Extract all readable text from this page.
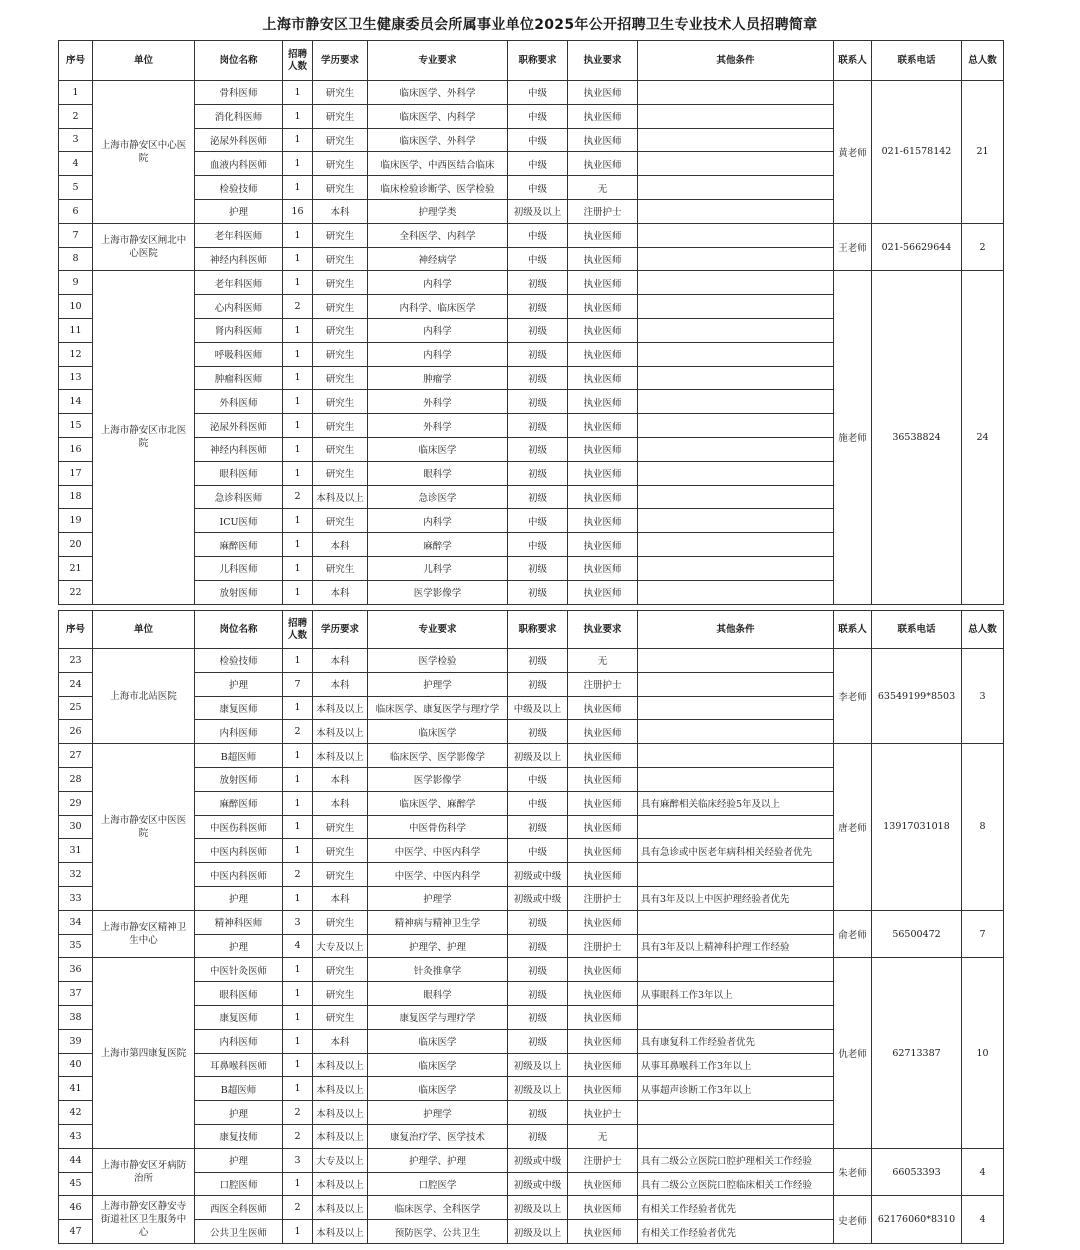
上海市静安区卫生健康委员会所属事业单位2025年公开招聘卫生专业技术人员招聘简章
序号	单位	岗位名称	招聘人数	学历要求	专业要求	职称要求	执业要求	其他条件	联系人	联系电话	总人数
1	上海市静安区中心医院	骨科医师	1	研究生	临床医学、外科学	中级	执业医师		黄老师	021-61578142	21
2		消化科医师	1	研究生	临床医学、内科学	中级	执业医师				
3		泌尿外科医师	1	研究生	临床医学、外科学	中级	执业医师				
4		血液内科医师	1	研究生	临床医学、中西医结合临床	中级	执业医师				
5		检验技师	1	研究生	临床检验诊断学、医学检验	中级	无				
6		护理	16	本科	护理学类	初级及以上	注册护士				
7	上海市静安区闸北中心医院	老年科医师	1	研究生	全科医学、内科学	中级	执业医师		王老师	021-56629644	2
8		神经内科医师	1	研究生	神经病学	中级	执业医师				
9	上海市静安区市北医院	老年科医师	1	研究生	内科学	初级	执业医师		施老师	36538824	24
10		心内科医师	2	研究生	内科学、临床医学	初级	执业医师				
11		肾内科医师	1	研究生	内科学	初级	执业医师				
12		呼吸科医师	1	研究生	内科学	初级	执业医师				
13		肿瘤科医师	1	研究生	肿瘤学	初级	执业医师				
14		外科医师	1	研究生	外科学	初级	执业医师				
15		泌尿外科医师	1	研究生	外科学	初级	执业医师				
16		神经内科医师	1	研究生	临床医学	初级	执业医师				
17		眼科医师	1	研究生	眼科学	初级	执业医师				
18		急诊科医师	2	本科及以上	急诊医学	初级	执业医师				
19		ICU医师	1	研究生	内科学	中级	执业医师				
20		麻醉医师	1	本科	麻醉学	中级	执业医师				
21		儿科医师	1	研究生	儿科学	初级	执业医师				
22		放射医师	1	本科	医学影像学	初级	执业医师				
序号	单位	岗位名称	招聘人数	学历要求	专业要求	职称要求	执业要求	其他条件	联系人	联系电话	总人数
23	上海市北站医院	检验技师	1	本科	医学检验	初级	无		李老师	63549199*8503	3
24		护理	7	本科	护理学	初级	注册护士				
25		康复医师	1	本科及以上	临床医学、康复医学与理疗学	中级及以上	执业医师				
26		内科医师	2	本科及以上	临床医学	初级	执业医师				
27	上海市静安区中医医院	B超医师	1	本科及以上	临床医学、医学影像学	初级及以上	执业医师		唐老师	13917031018	8
28		放射医师	1	本科	医学影像学	中级	执业医师				
29		麻醉医师	1	本科	临床医学、麻醉学	中级	执业医师	具有麻醉相关临床经验5年及以上			
30		中医伤科医师	1	研究生	中医骨伤科学	初级	执业医师				
31		中医内科医师	1	研究生	中医学、中医内科学	中级	执业医师	具有急诊或中医老年病科相关经验者优先			
32		中医内科医师	2	研究生	中医学、中医内科学	初级或中级	执业医师				
33		护理	1	本科	护理学	初级或中级	注册护士	具有3年及以上中医护理经验者优先			
34	上海市静安区精神卫生中心	精神科医师	3	研究生	精神病与精神卫生学	初级	执业医师		俞老师	56500472	7
35		护理	4	大专及以上	护理学、护理	初级	注册护士	具有3年及以上精神科护理工作经验			
36	上海市第四康复医院	中医针灸医师	1	研究生	针灸推拿学	初级	执业医师		仇老师	62713387	10
37		眼科医师	1	研究生	眼科学	初级	执业医师	从事眼科工作3年以上			
38		康复医师	1	研究生	康复医学与理疗学	初级	执业医师				
39		内科医师	1	本科	临床医学	初级	执业医师	具有康复科工作经验者优先			
40		耳鼻喉科医师	1	本科及以上	临床医学	初级及以上	执业医师	从事耳鼻喉科工作3年以上			
41		B超医师	1	本科及以上	临床医学	初级及以上	执业医师	从事超声诊断工作3年以上			
42		护理	2	本科及以上	护理学	初级	执业护士				
43		康复技师	2	本科及以上	康复治疗学、医学技术	初级	无				
44	上海市静安区牙病防治所	护理	3	大专及以上	护理学、护理	初级或中级	注册护士	具有二级公立医院口腔护理相关工作经验	朱老师	66053393	4
45		口腔医师	1	本科及以上	口腔医学	初级或中级	执业医师	具有二级公立医院口腔临床相关工作经验			
46	上海市静安区静安寺街道社区卫生服务中心	西医全科医师	2	本科及以上	临床医学、全科医学	初级及以上	执业医师	有相关工作经验者优先	史老师	62176060*8310	4
47		公共卫生医师	1	本科及以上	预防医学、公共卫生	初级及以上	执业医师	有相关工作经验者优先			
